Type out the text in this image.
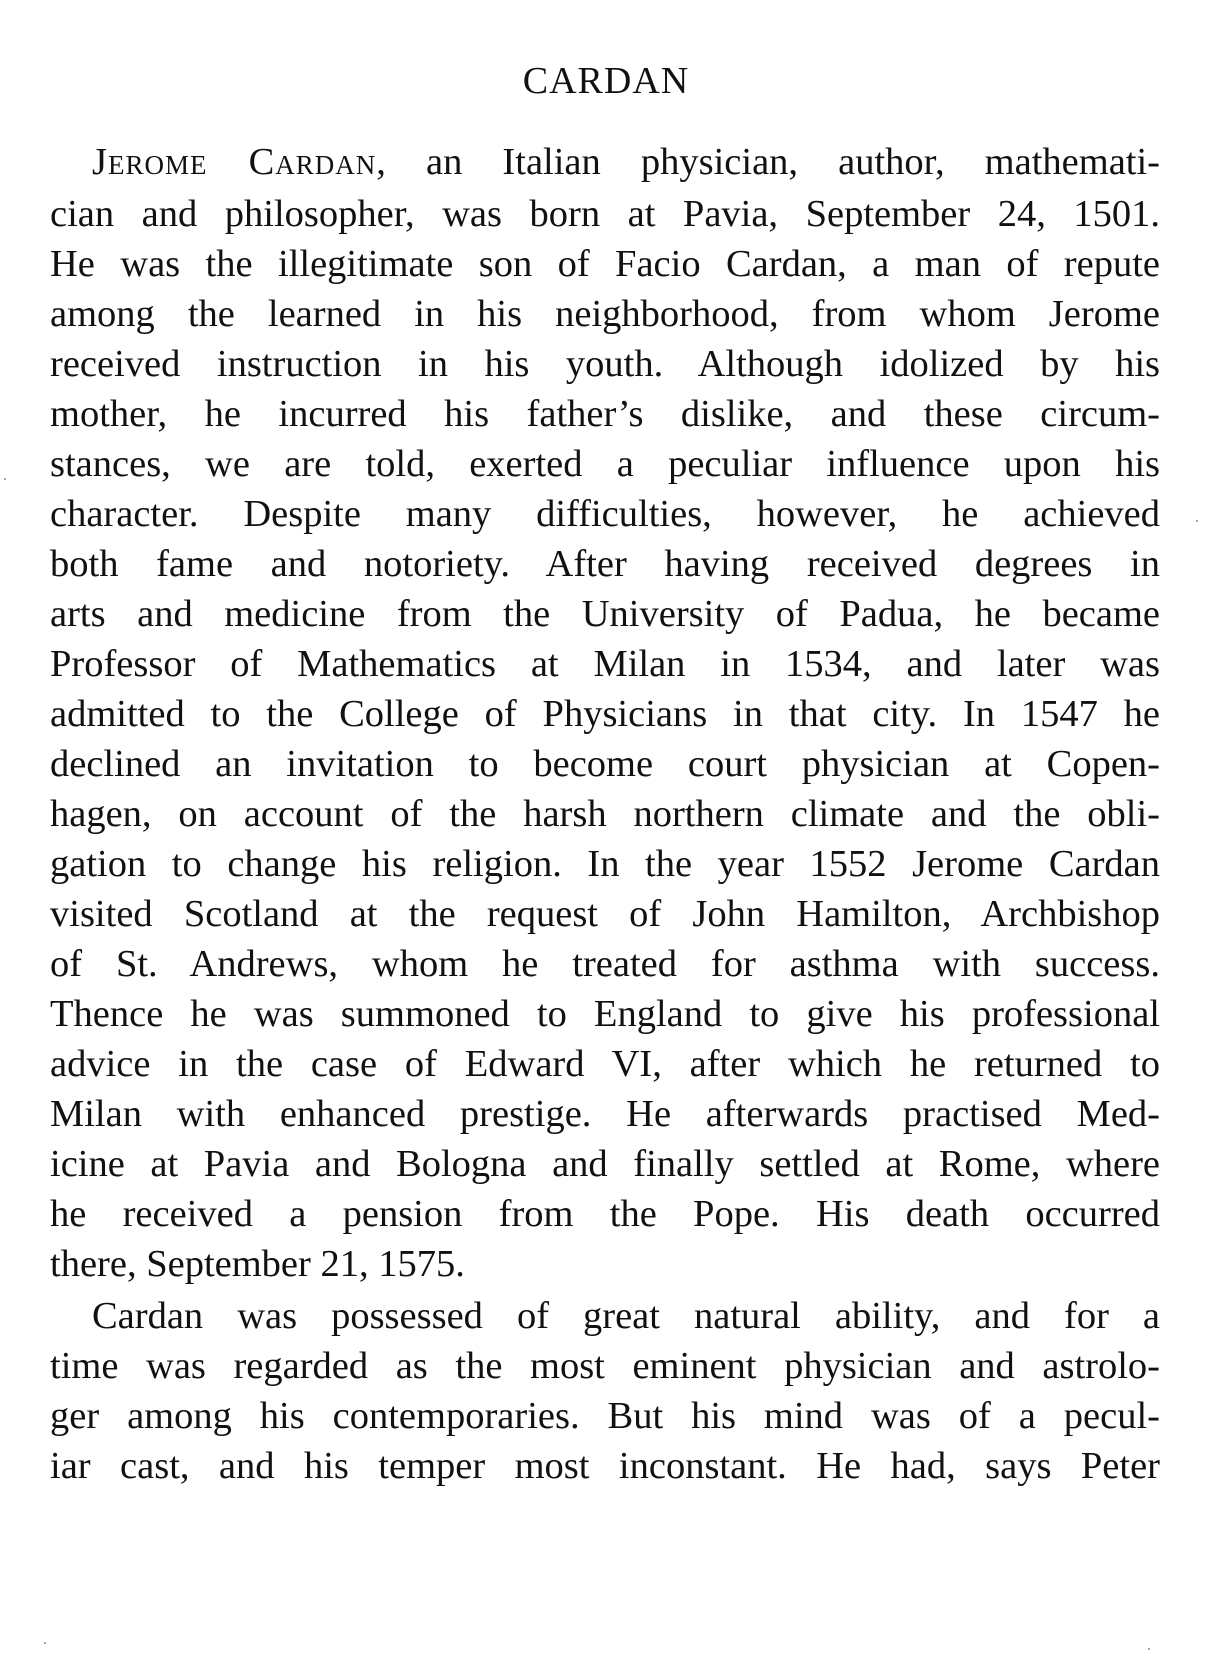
CARDAN
Jerome Cardan, an Italian physician, author, mathemati-
cian and philosopher, was born at Pavia, September 24, 1501.
He was the illegitimate son of Facio Cardan, a man of repute
among the learned in his neighborhood, from whom Jerome
received instruction in his youth. Although idolized by his
mother, he incurred his father’s dislike, and these circum-
stances, we are told, exerted a peculiar influence upon his
character. Despite many difficulties, however, he achieved
both fame and notoriety. After having received degrees in
arts and medicine from the University of Padua, he became
Professor of Mathematics at Milan in 1534, and later was
admitted to the College of Physicians in that city. In 1547 he
declined an invitation to become court physician at Copen-
hagen, on account of the harsh northern climate and the obli-
gation to change his religion. In the year 1552 Jerome Cardan
visited Scotland at the request of John Hamilton, Archbishop
of St. Andrews, whom he treated for asthma with success.
Thence he was summoned to England to give his professional
advice in the case of Edward VI, after which he returned to
Milan with enhanced prestige. He afterwards practised Med-
icine at Pavia and Bologna and finally settled at Rome, where
he received a pension from the Pope. His death occurred
there, September 21, 1575.
Cardan was possessed of great natural ability, and for a
time was regarded as the most eminent physician and astrolo-
ger among his contemporaries. But his mind was of a pecul-
iar cast, and his temper most inconstant. He had, says Peter
